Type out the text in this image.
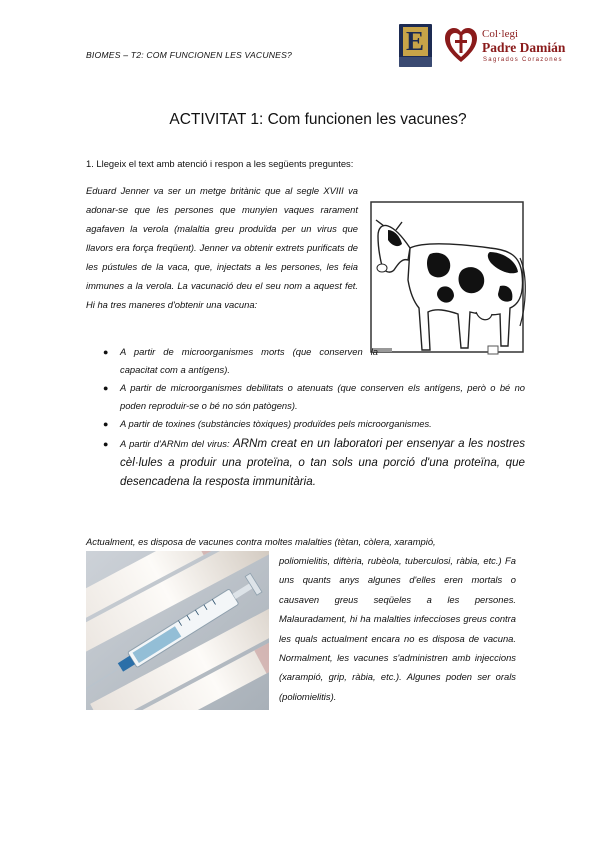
BIOMES – T2: COM FUNCIONEN LES VACUNES?	E	Col·legi
Padre Damián
Sagrados Corazones
ACTIVITAT 1: Com funcionen les vacunes?
1. Llegeix el text amb atenció i respon a les següents preguntes:
Eduard Jenner va ser un metge britànic que al segle XVIII va adonar-se que les persones que munyien vaques rarament agafaven la verola (malaltia greu produïda per un virus que llavors era força freqüent). Jenner va obtenir extrets purificats de les pústules de la vaca, que, injectats a les persones, les feia immunes a la verola. La vacunació deu el seu nom a aquest fet. Hi ha tres maneres d'obtenir una vacuna:
● A partir de microorganismes morts (que conserven la capacitat com a antígens).
● A partir de microorganismes debilitats o atenuats (que conserven els antígens, però o bé no poden reproduir-se o bé no són patògens).
● A partir de toxines (substàncies tòxiques) produïdes pels microorganismes.
● A partir d'ARNm del virus: ARNm creat en un laboratori per ensenyar a les nostres cèl·lules a produir una proteïna, o tan sols una porció d'una proteïna, que desencadena la resposta immunitària.
Actualment, es disposa de vacunes contra moltes malalties (tètan, còlera, xarampió,
poliomielitis, diftèria, rubèola, tuberculosi, ràbia, etc.) Fa uns quants anys algunes d'elles eren mortals o causaven greus seqüeles a les persones. Malauradament, hi ha malalties infeccioses greus contra les quals actualment encara no es disposa de vacuna. Normalment, les vacunes s'administren amb injeccions (xarampió, grip, ràbia, etc.). Algunes poden ser orals (poliomielitis).
